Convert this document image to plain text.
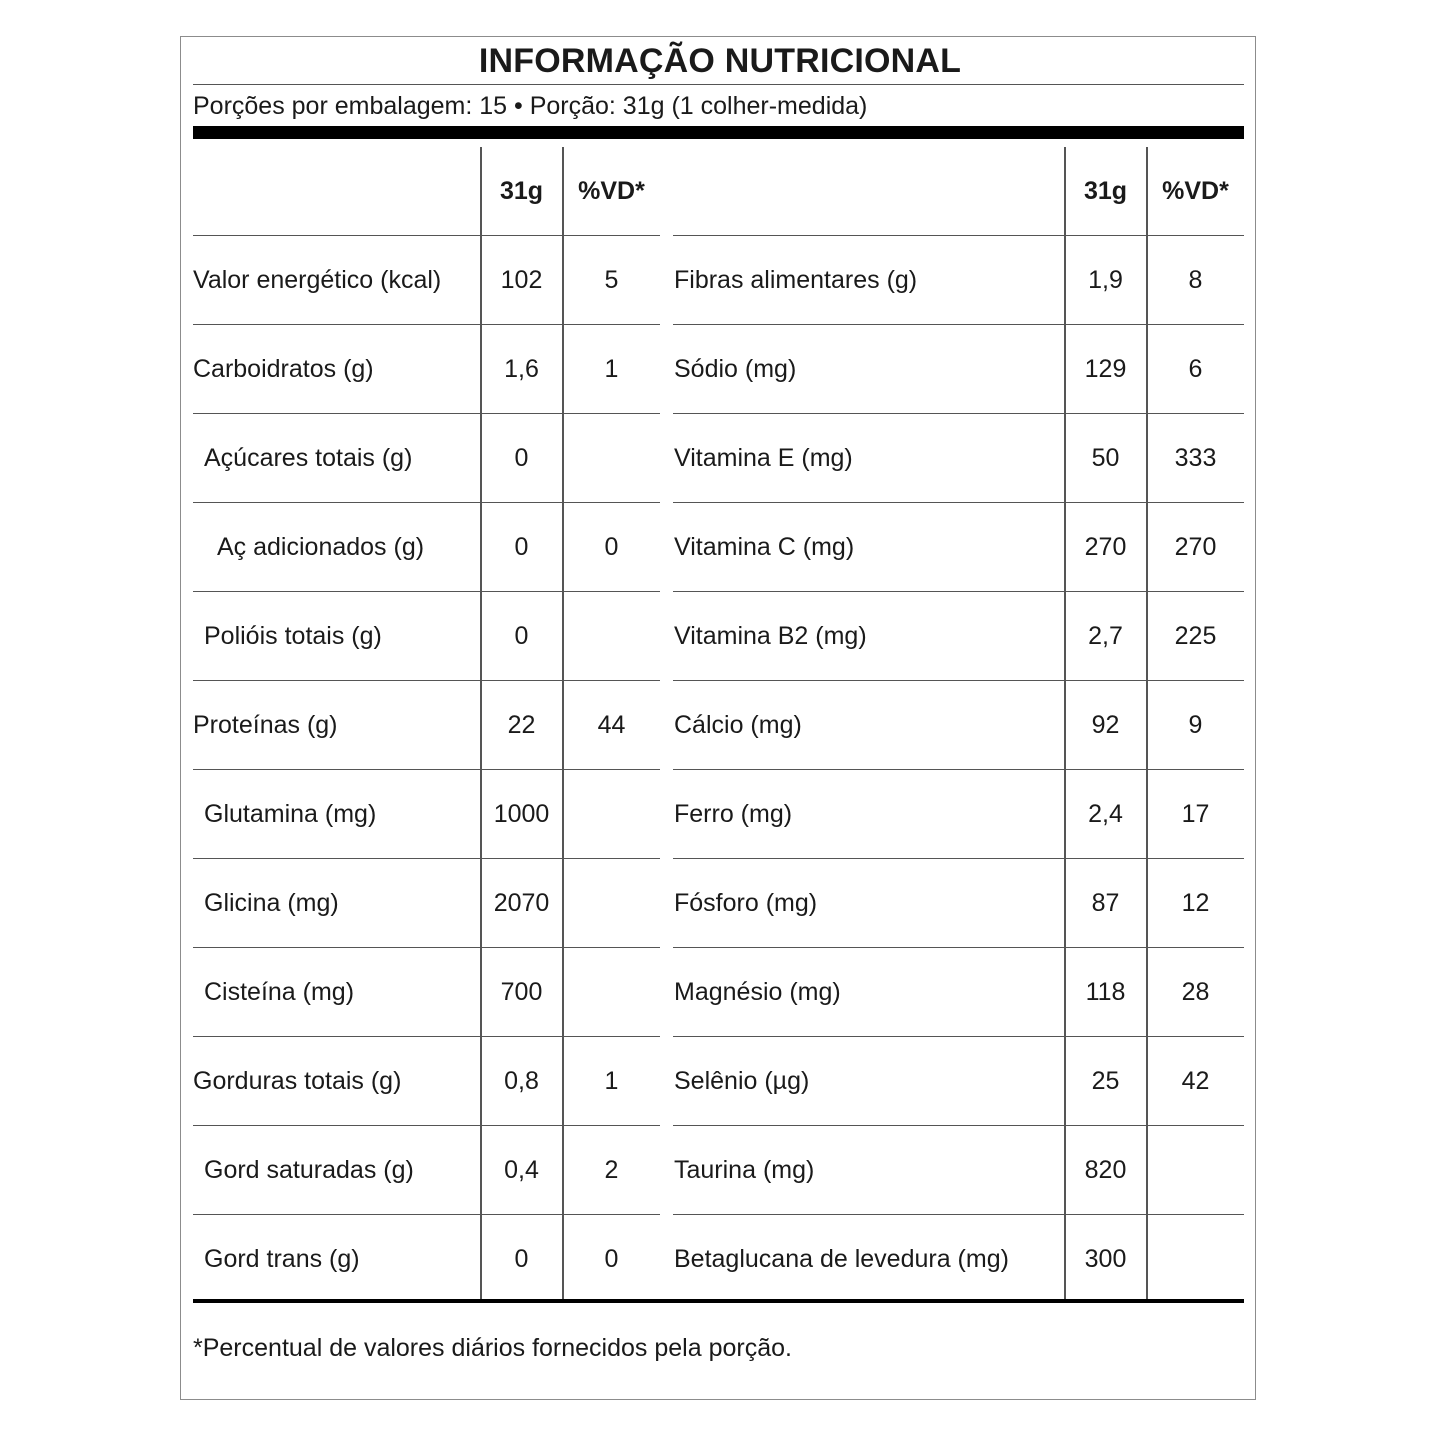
INFORMAÇÃO NUTRICIONAL
Porções por embalagem: 15 • Porção: 31g (1 colher-medida)
31g	%VD*	31g	%VD*
Valor energético (kcal)	102	5
Carboidratos (g)	1,6	1
Açúcares totais (g)	0
Aç adicionados (g)	0	0
Polióis totais (g)	0
Proteínas (g)	22	44
Glutamina (mg)	1000
Glicina (mg)	2070
Cisteína (mg)	700
Gorduras totais (g)	0,8	1
Gord saturadas (g)	0,4	2
Gord trans (g)	0	0
Fibras alimentares (g)	1,9	8
Sódio (mg)	129	6
Vitamina E (mg)	50	333
Vitamina C (mg)	270	270
Vitamina B2 (mg)	2,7	225
Cálcio (mg)	92	9
Ferro (mg)	2,4	17
Fósforo (mg)	87	12
Magnésio (mg)	118	28
Selênio (µg)	25	42
Taurina (mg)	820
Betaglucana de levedura (mg)	300
*Percentual de valores diários fornecidos pela porção.
